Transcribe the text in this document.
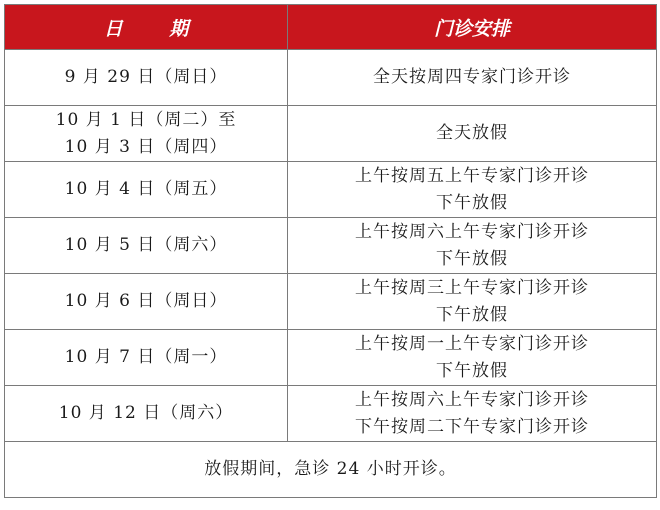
日 期	门诊安排

9 月 29 日（周日）	全天按周四专家门诊开诊

10 月 1 日（周二）至
10 月 3 日（周四）	全天放假

10 月 4 日（周五）	上午按周五上午专家门诊开诊
下午放假

10 月 5 日（周六）	上午按周六上午专家门诊开诊
下午放假

10 月 6 日（周日）	上午按周三上午专家门诊开诊
下午放假

10 月 7 日（周一）	上午按周一上午专家门诊开诊
下午放假

10 月 12 日（周六）	上午按周六上午专家门诊开诊
下午按周二下午专家门诊开诊

放假期间，急诊 24 小时开诊。	
